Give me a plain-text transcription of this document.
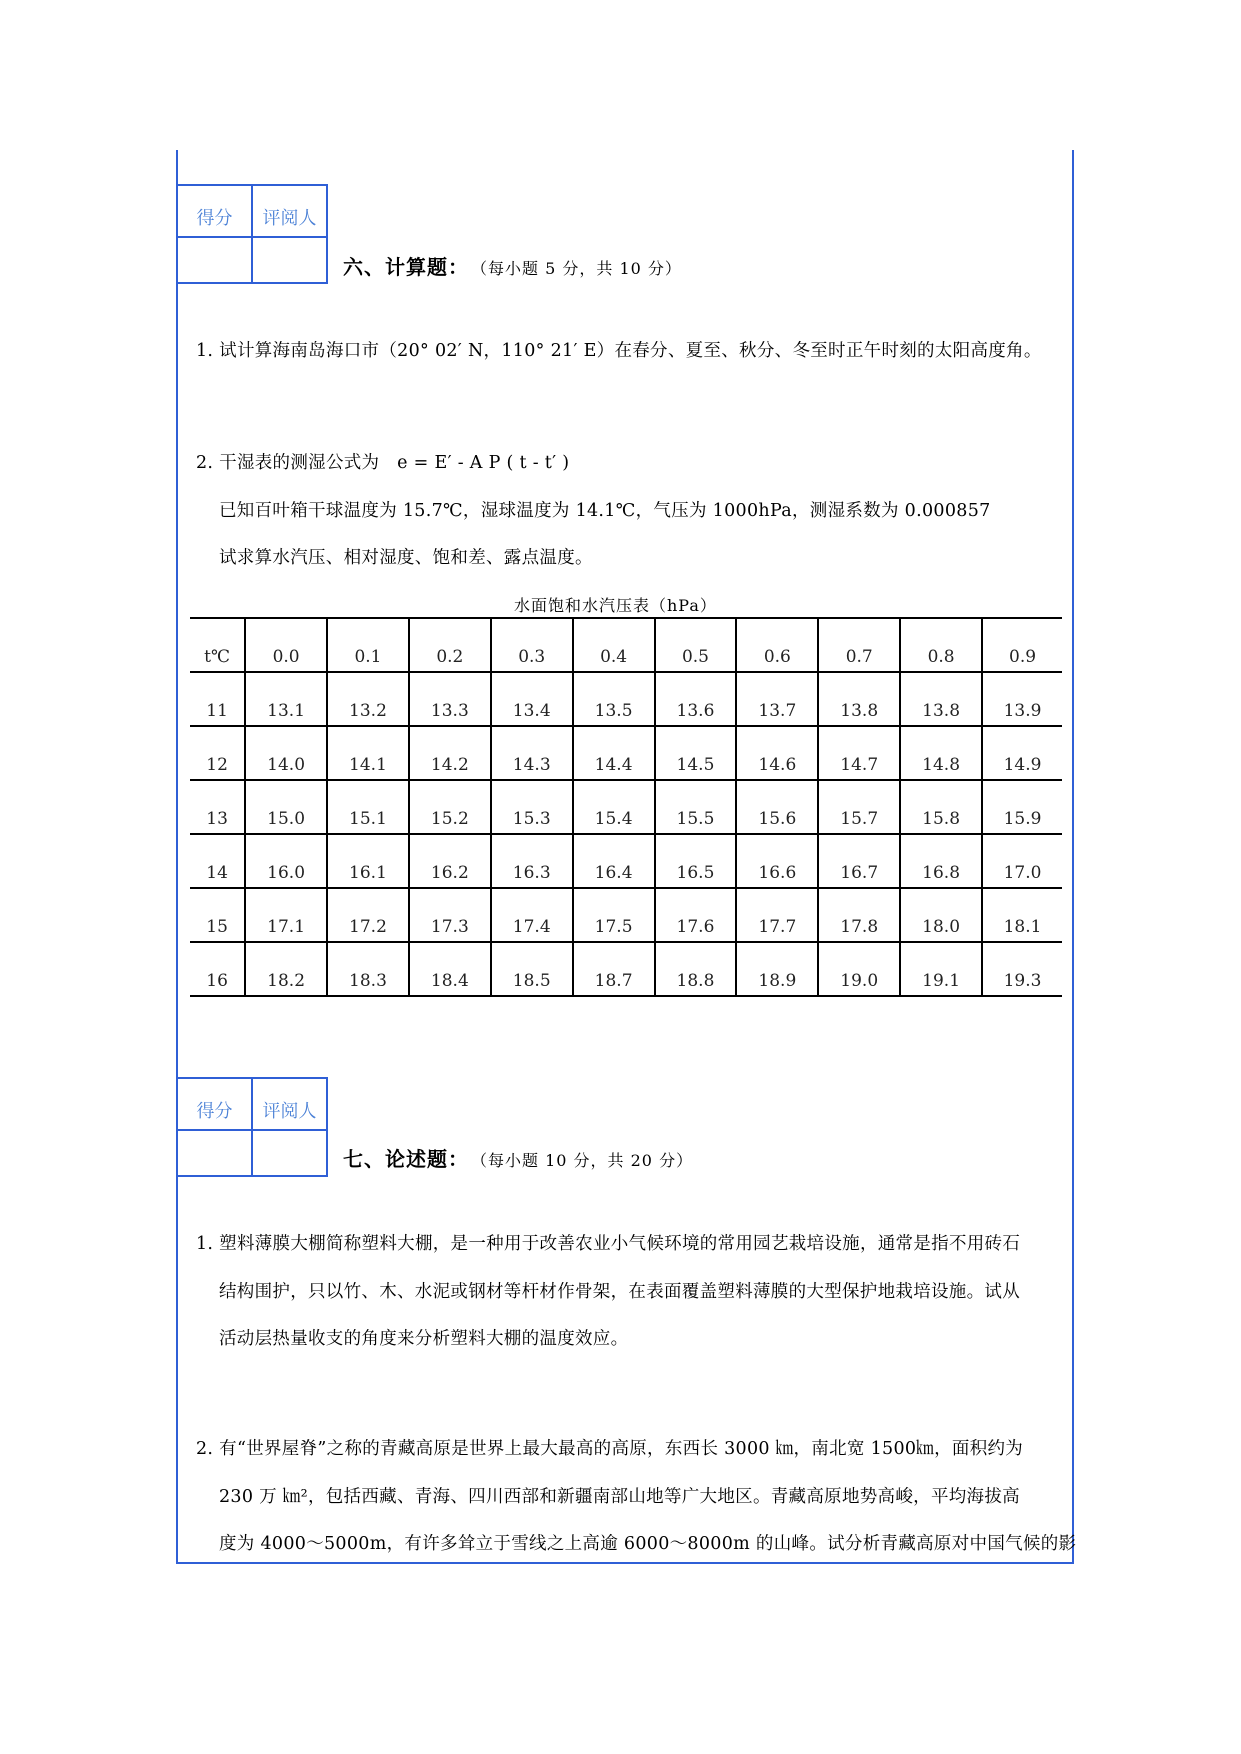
得分	评阅人

六、计算题： （每小题 5 分，共 10 分）
1. 试计算海南岛海口市（20° 02′ N，110° 21′ E）在春分、夏至、秋分、冬至时正午时刻的太阳高度角。
2. 干湿表的测湿公式为　e = E′ - A P ( t - t′ )
已知百叶箱干球温度为 15.7℃，湿球温度为 14.1℃，气压为 1000hPa，测湿系数为 0.000857
试求算水汽压、相对湿度、饱和差、露点温度。
水面饱和水汽压表（hPa）
t℃	0.0	0.1	0.2	0.3	0.4	0.5	0.6	0.7	0.8	0.9
11	13.1	13.2	13.3	13.4	13.5	13.6	13.7	13.8	13.8	13.9
12	14.0	14.1	14.2	14.3	14.4	14.5	14.6	14.7	14.8	14.9
13	15.0	15.1	15.2	15.3	15.4	15.5	15.6	15.7	15.8	15.9
14	16.0	16.1	16.2	16.3	16.4	16.5	16.6	16.7	16.8	17.0
15	17.1	17.2	17.3	17.4	17.5	17.6	17.7	17.8	18.0	18.1
16	18.2	18.3	18.4	18.5	18.7	18.8	18.9	19.0	19.1	19.3
得分	评阅人

七、论述题： （每小题 10 分，共 20 分）
1. 塑料薄膜大棚简称塑料大棚，是一种用于改善农业小气候环境的常用园艺栽培设施，通常是指不用砖石
结构围护，只以竹、木、水泥或钢材等杆材作骨架，在表面覆盖塑料薄膜的大型保护地栽培设施。试从
活动层热量收支的角度来分析塑料大棚的温度效应。
2. 有“世界屋脊”之称的青藏高原是世界上最大最高的高原，东西长 3000 ㎞，南北宽 1500㎞，面积约为
230 万 ㎞²，包括西藏、青海、四川西部和新疆南部山地等广大地区。青藏高原地势高峻，平均海拔高
度为 4000～5000m，有许多耸立于雪线之上高逾 6000～8000m 的山峰。试分析青藏高原对中国气候的影
